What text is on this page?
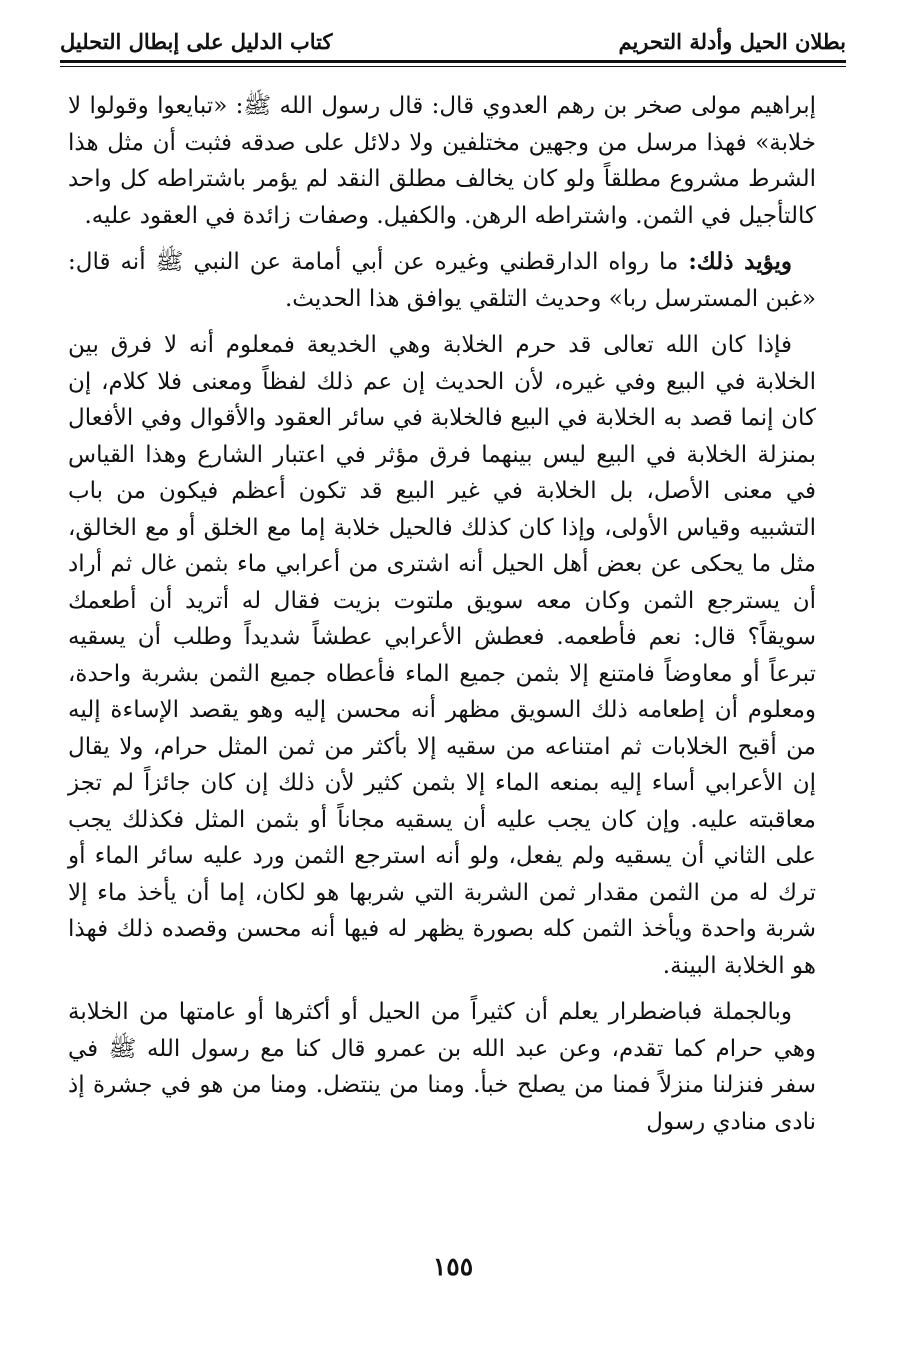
بطلان الحيل وأدلة التحريم
كتاب الدليل على إبطال التحليل

إبراهيم مولى صخر بن رهم العدوي قال: قال رسول الله ﷺ: «تبايعوا وقولوا لا خلابة» فهذا مرسل من وجهين مختلفين ولا دلائل على صدقه فثبت أن مثل هذا الشرط مشروع مطلقاً ولو كان يخالف مطلق النقد لم يؤمر باشتراطه كل واحد كالتأجيل في الثمن. واشتراطه الرهن. والكفيل. وصفات زائدة في العقود عليه.

ويؤيد ذلك: ما رواه الدارقطني وغيره عن أبي أمامة عن النبي ﷺ أنه قال: «غبن المسترسل ربا» وحديث التلقي يوافق هذا الحديث.

فإذا كان الله تعالى قد حرم الخلابة وهي الخديعة فمعلوم أنه لا فرق بين الخلابة في البيع وفي غيره، لأن الحديث إن عم ذلك لفظاً ومعنى فلا كلام، إن كان إنما قصد به الخلابة في البيع فالخلابة في سائر العقود والأقوال وفي الأفعال بمنزلة الخلابة في البيع ليس بينهما فرق مؤثر في اعتبار الشارع وهذا القياس في معنى الأصل، بل الخلابة في غير البيع قد تكون أعظم فيكون من باب التشبيه وقياس الأولى، وإذا كان كذلك فالحيل خلابة إما مع الخلق أو مع الخالق، مثل ما يحكى عن بعض أهل الحيل أنه اشترى من أعرابي ماء بثمن غال ثم أراد أن يسترجع الثمن وكان معه سويق ملتوت بزيت فقال له أتريد أن أطعمك سويقاً؟ قال: نعم فأطعمه. فعطش الأعرابي عطشاً شديداً وطلب أن يسقيه تبرعاً أو معاوضاً فامتنع إلا بثمن جميع الماء فأعطاه جميع الثمن بشربة واحدة، ومعلوم أن إطعامه ذلك السويق مظهر أنه محسن إليه وهو يقصد الإساءة إليه من أقبح الخلابات ثم امتناعه من سقيه إلا بأكثر من ثمن المثل حرام، ولا يقال إن الأعرابي أساء إليه بمنعه الماء إلا بثمن كثير لأن ذلك إن كان جائزاً لم تجز معاقبته عليه. وإن كان يجب عليه أن يسقيه مجاناً أو بثمن المثل فكذلك يجب على الثاني أن يسقيه ولم يفعل، ولو أنه استرجع الثمن ورد عليه سائر الماء أو ترك له من الثمن مقدار ثمن الشربة التي شربها هو لكان، إما أن يأخذ ماء إلا شربة واحدة ويأخذ الثمن كله بصورة يظهر له فيها أنه محسن وقصده ذلك فهذا هو الخلابة البينة.

وبالجملة فباضطرار يعلم أن كثيراً من الحيل أو أكثرها أو عامتها من الخلابة وهي حرام كما تقدم، وعن عبد الله بن عمرو قال كنا مع رسول الله ﷺ في سفر فنزلنا منزلاً فمنا من يصلح خبأ. ومنا من ينتضل. ومنا من هو في جشرة إذ نادى منادي رسول

١٥٥
